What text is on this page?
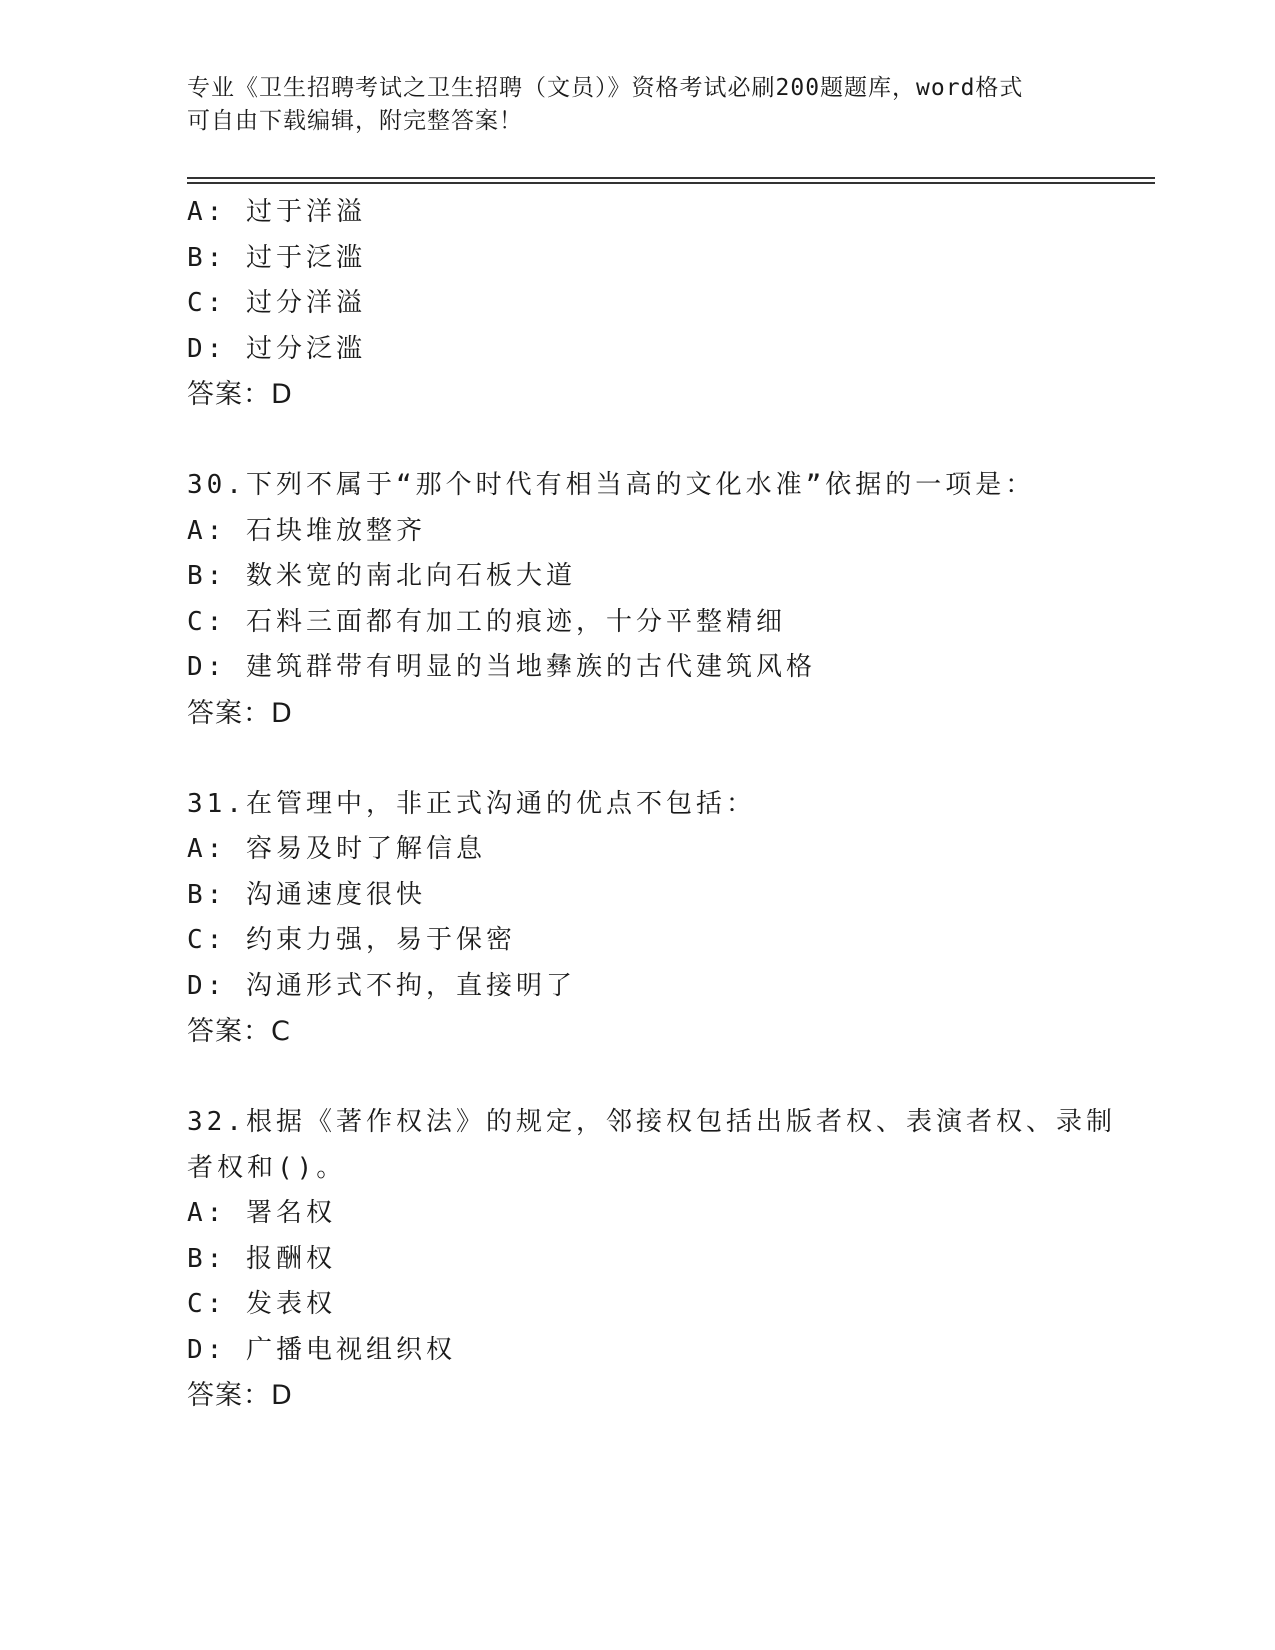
专业《卫生招聘考试之卫生招聘（文员）》资格考试必刷200题题库，word格式
可自由下载编辑，附完整答案！
A: 过于洋溢
B: 过于泛滥
C: 过分洋溢
D: 过分泛滥
答案：D
30.下列不属于“那个时代有相当高的文化水准”依据的一项是：
A: 石块堆放整齐
B: 数米宽的南北向石板大道
C: 石料三面都有加工的痕迹，十分平整精细
D: 建筑群带有明显的当地彝族的古代建筑风格
答案：D
31.在管理中，非正式沟通的优点不包括：
A: 容易及时了解信息
B: 沟通速度很快
C: 约束力强，易于保密
D: 沟通形式不拘，直接明了
答案：C
32.根据《著作权法》的规定，邻接权包括出版者权、表演者权、录制
者权和()。
A: 署名权
B: 报酬权
C: 发表权
D: 广播电视组织权
答案：D
